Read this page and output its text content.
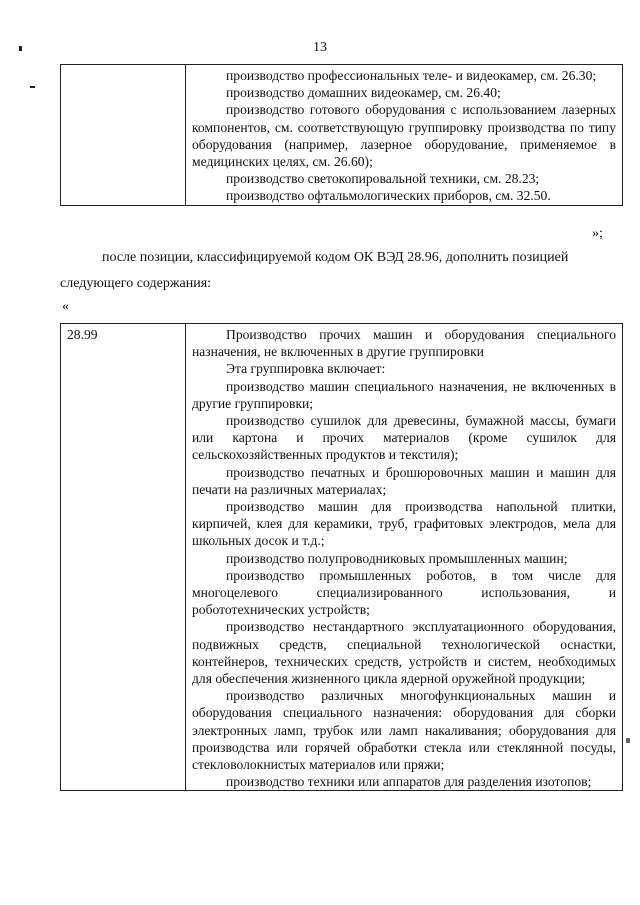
13

производство профессиональных теле- и видеокамер, см. 26.30;

производство домашних видеокамер, см. 26.40;

производство готового оборудования с использованием лазерных компонентов, см. соответствующую группировку производства по типу оборудования (например, лазерное оборудование, применяемое в медицинских целях, см. 26.60);

производство светокопировальной техники, см. 28.23;

производство офтальмологических приборов, см. 32.50.

»;
после позиции, классифицируемой кодом ОК ВЭД 28.96, дополнить позицией
следующего содержания:
«
28.99	Производство прочих машин и оборудования специального назначения, не включенных в другие группировки

Эта группировка включает:

производство машин специального назначения, не включенных в другие группировки;

производство сушилок для древесины, бумажной массы, бумаги или картона и прочих материалов (кроме сушилок для сельскохозяйственных продуктов и текстиля);

производство печатных и брошюровочных машин и машин для печати на различных материалах;

производство машин для производства напольной плитки, кирпичей, клея для керамики, труб, графитовых электродов, мела для школьных досок и т.д.;

производство полупроводниковых промышленных машин;

производство промышленных роботов, в том числе для многоцелевого специализированного использования, и робототехнических устройств;

производство нестандартного эксплуатационного оборудования, подвижных средств, специальной технологической оснастки, контейнеров, технических средств, устройств и систем, необходимых для обеспечения жизненного цикла ядерной оружейной продукции;

производство различных многофункциональных машин и оборудования специального назначения: оборудования для сборки электронных ламп, трубок или ламп накаливания; оборудования для производства или горячей обработки стекла или стеклянной посуды, стекловолокнистых материалов или пряжи;

производство техники или аппаратов для разделения изотопов;
